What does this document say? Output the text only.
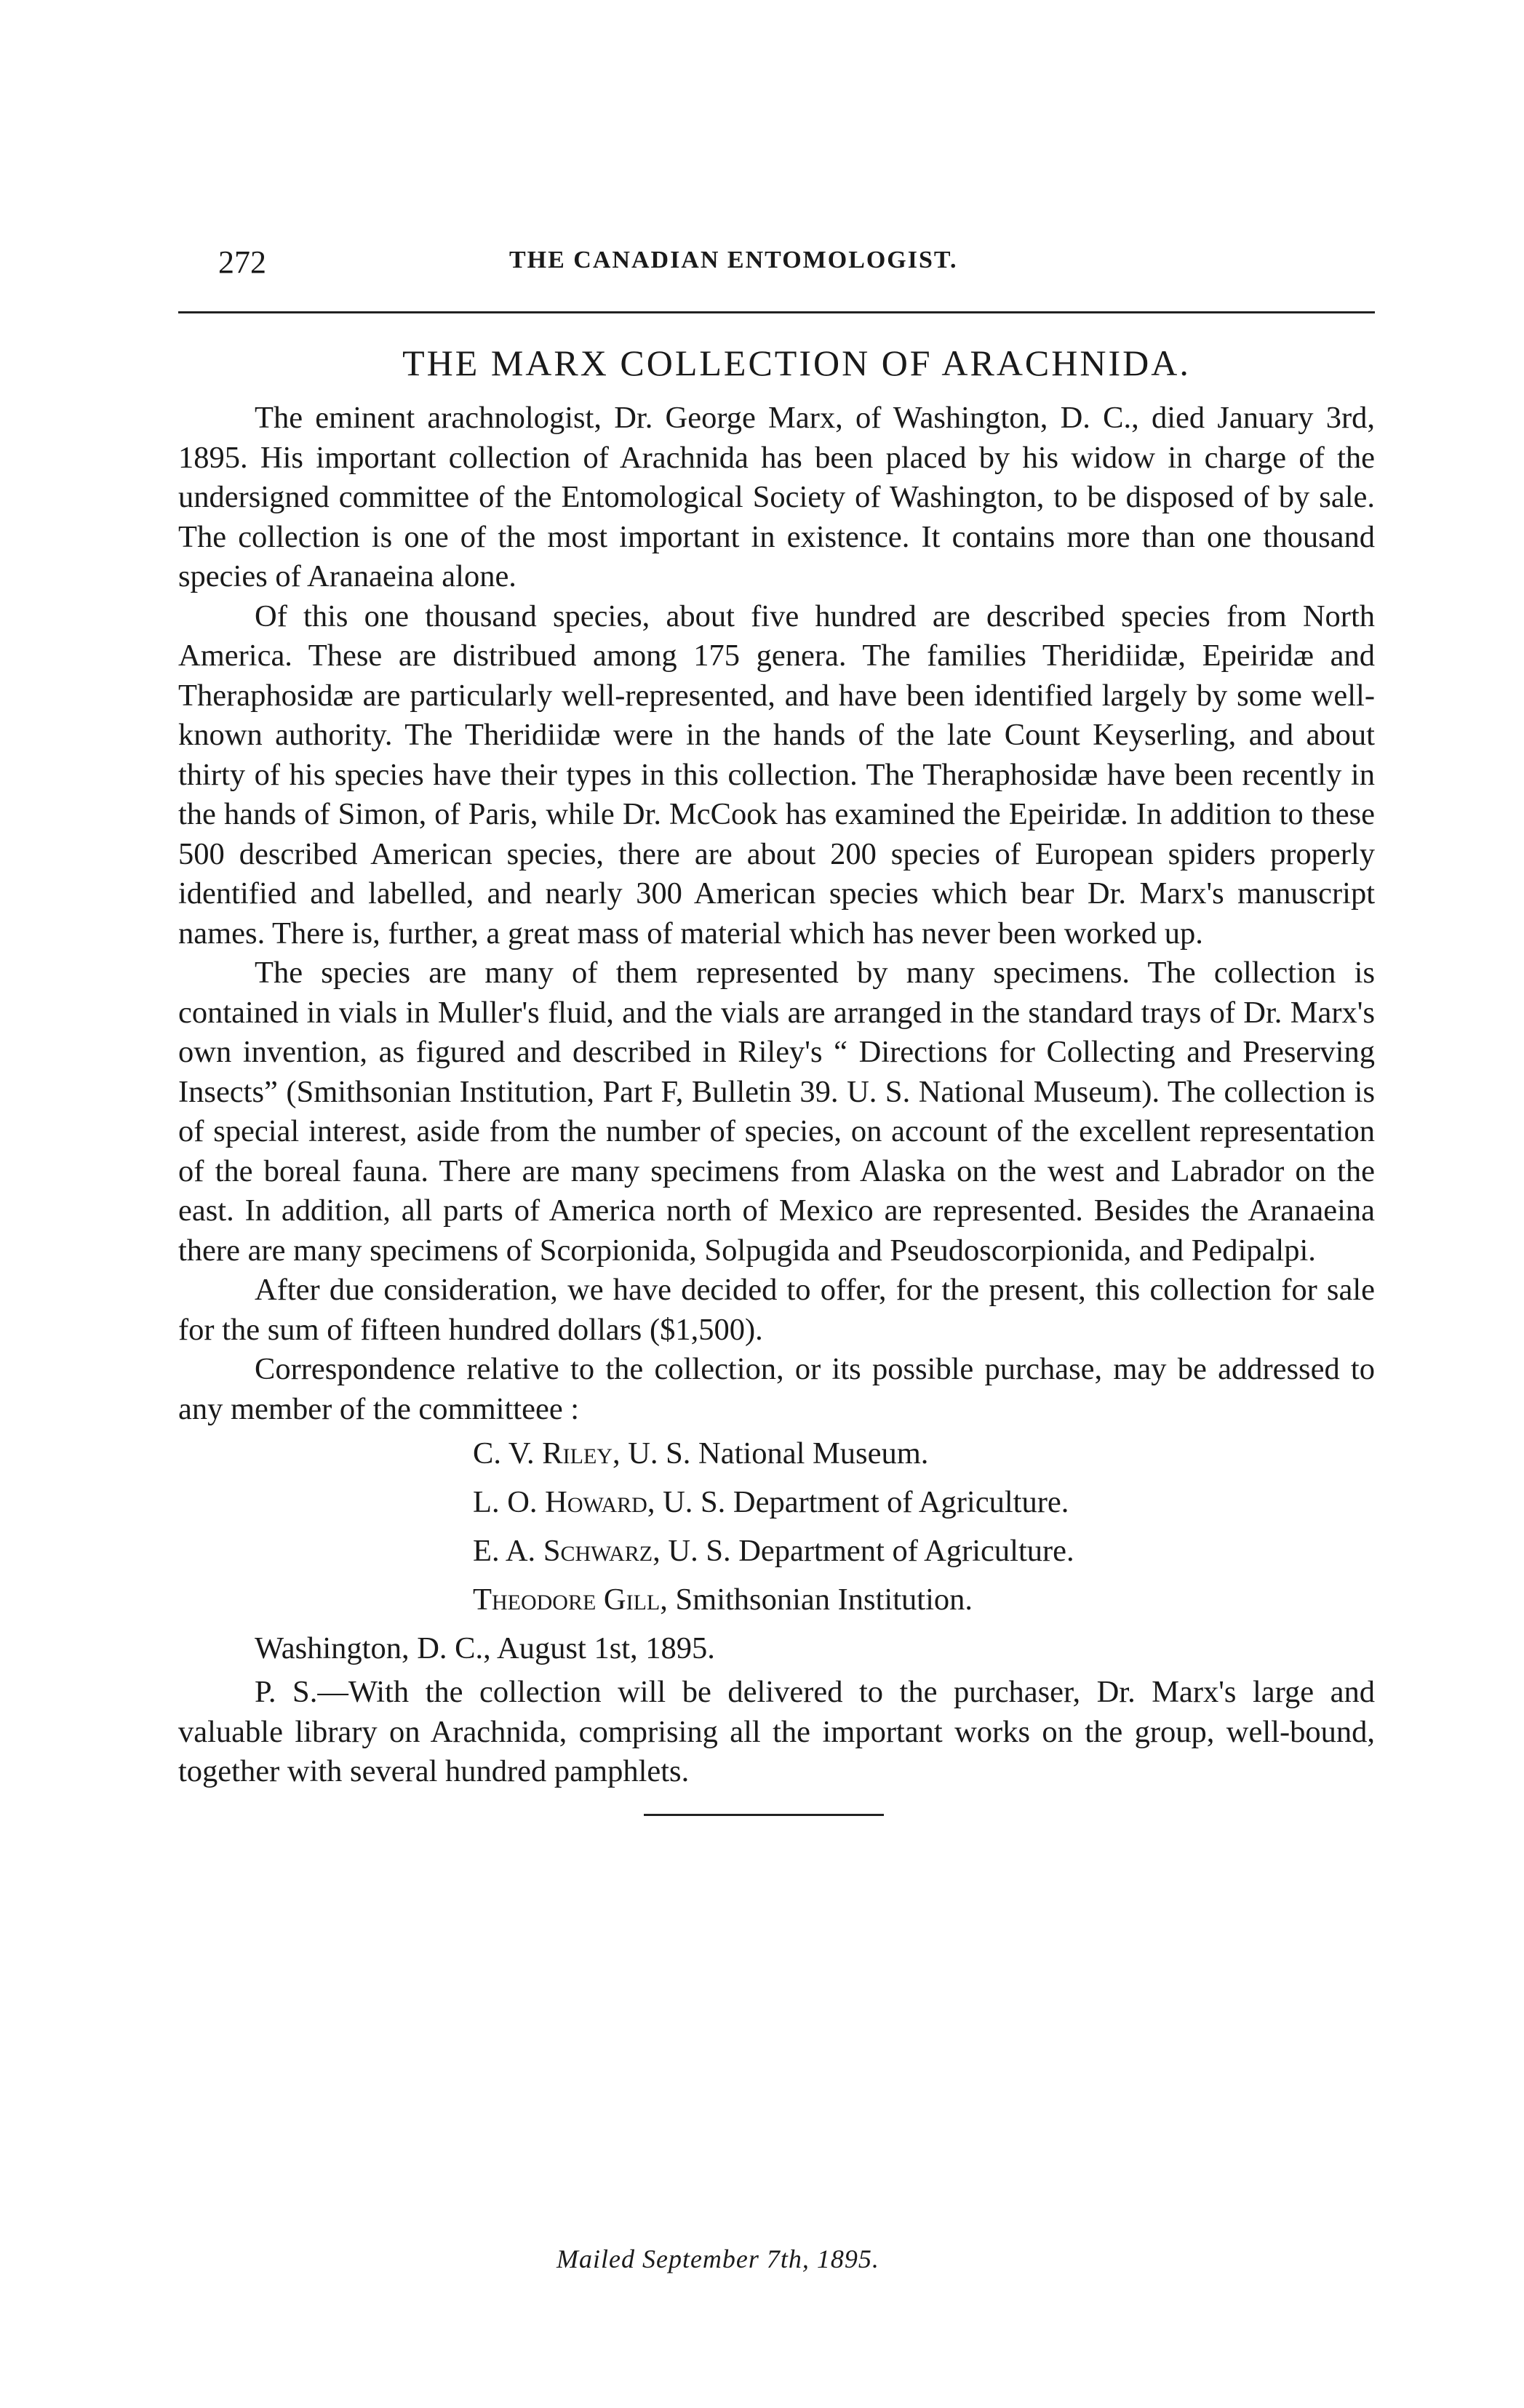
272	THE CANADIAN ENTOMOLOGIST.
THE MARX COLLECTION OF ARACHNIDA.

The eminent arachnologist, Dr. George Marx, of Washington, D. C., died January 3rd, 1895. His important collection of Arachnida has been placed by his widow in charge of the undersigned committee of the Entomological Society of Washington, to be disposed of by sale. The collection is one of the most important in existence. It contains more than one thousand species of Aranaeina alone.

Of this one thousand species, about five hundred are described species from North America. These are distribued among 175 genera. The families Theridiidæ, Epeiridæ and Theraphosidæ are particularly well-represented, and have been identified largely by some well-known authority. The Theridiidæ were in the hands of the late Count Keyserling, and about thirty of his species have their types in this collection. The Theraphosidæ have been recently in the hands of Simon, of Paris, while Dr. McCook has examined the Epeiridæ. In addition to these 500 described American species, there are about 200 species of European spiders properly identified and labelled, and nearly 300 American species which bear Dr. Marx's manuscript names. There is, further, a great mass of material which has never been worked up.

The species are many of them represented by many specimens. The collection is contained in vials in Muller's fluid, and the vials are arranged in the standard trays of Dr. Marx's own invention, as figured and described in Riley's “ Directions for Collecting and Preserving Insects” (Smithsonian Institution, Part F, Bulletin 39. U. S. National Museum). The collection is of special interest, aside from the number of species, on account of the excellent representation of the boreal fauna. There are many specimens from Alaska on the west and Labrador on the east. In addition, all parts of America north of Mexico are represented. Besides the Aranaeina there are many specimens of Scorpionida, Solpugida and Pseudoscorpionida, and Pedipalpi.

After due consideration, we have decided to offer, for the present, this collection for sale for the sum of fifteen hundred dollars ($1,500).

Correspondence relative to the collection, or its possible purchase, may be addressed to any member of the committeee :

C. V. Riley, U. S. National Museum.
L. O. Howard, U. S. Department of Agriculture.
E. A. Schwarz, U. S. Department of Agriculture.
Theodore Gill, Smithsonian Institution.

Washington, D. C., August 1st, 1895.

P. S.—With the collection will be delivered to the purchaser, Dr. Marx's large and valuable library on Arachnida, comprising all the important works on the group, well-bound, together with several hundred pamphlets.

Mailed September 7th, 1895.
